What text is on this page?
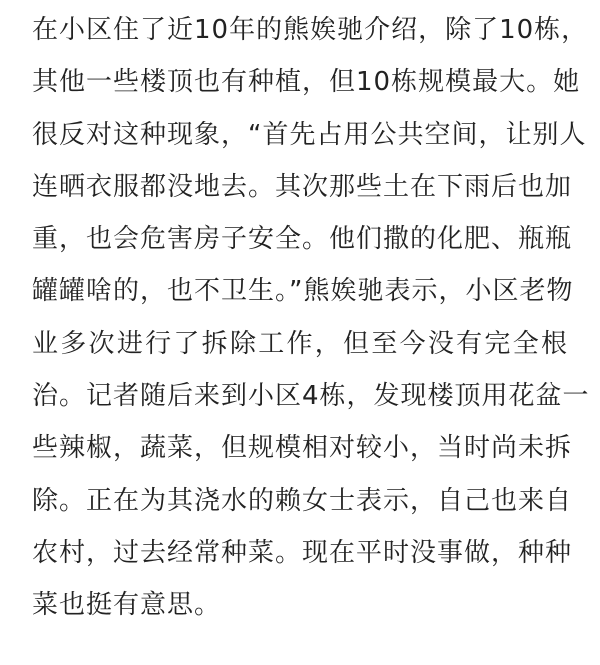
在小区住了近10年的熊娭驰介绍，除了10栋，
其他一些楼顶也有种植，但10栋规模最大。她
很反对这种现象，“首先占用公共空间，让别人
连晒衣服都没地去。其次那些土在下雨后也加
重，也会危害房子安全。他们撒的化肥、瓶瓶
罐罐啥的，也不卫生。”熊娭驰表示，小区老物
业多次进行了拆除工作，但至今没有完全根
治。记者随后来到小区4栋，发现楼顶用花盆一
些辣椒，蔬菜，但规模相对较小，当时尚未拆
除。正在为其浇水的赖女士表示，自己也来自
农村，过去经常种菜。现在平时没事做，种种
菜也挺有意思。
